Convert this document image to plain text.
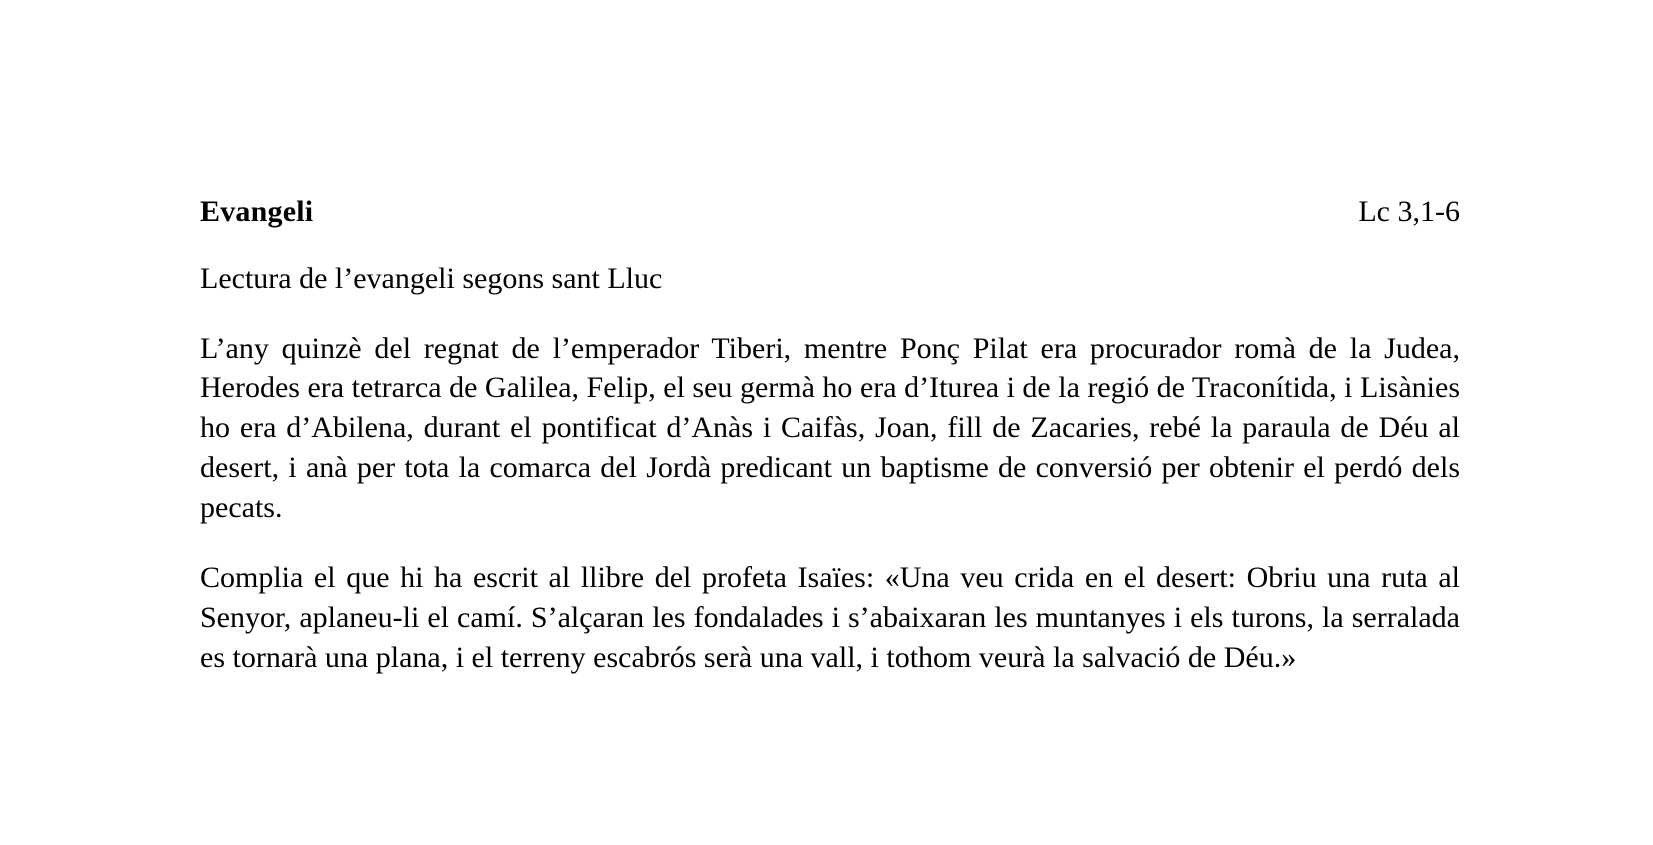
Evangeli	Lc 3,1-6
Lectura de l’evangeli segons sant Lluc

L’any quinzè del regnat de l’emperador Tiberi, mentre Ponç Pilat era procurador romà de la Judea, Herodes era tetrarca de Galilea, Felip, el seu germà ho era d’Iturea i de la regió de Traconítida, i Lisànies ho era d’Abilena, durant el pontificat d’Anàs i Caifàs, Joan, fill de Zacaries, rebé la paraula de Déu al desert, i anà per tota la comarca del Jordà predicant un baptisme de conversió per obtenir el perdó dels pecats.

Complia el que hi ha escrit al llibre del profeta Isaïes: «Una veu crida en el desert: Obriu una ruta al Senyor, aplaneu-li el camí. S’alçaran les fondalades i s’abaixaran les muntanyes i els turons, la serralada es tornarà una plana, i el terreny escabrós serà una vall, i tothom veurà la salvació de Déu.»
